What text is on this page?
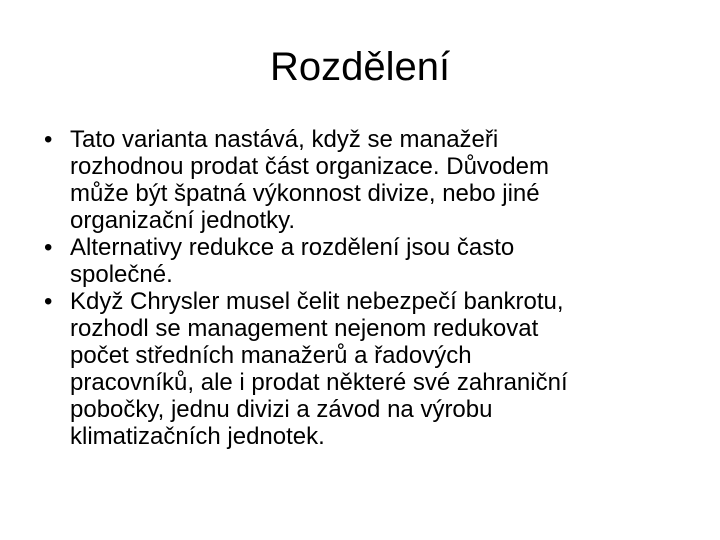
Rozdělení
• Tato varianta nastává, když se manažeři
rozhodnou prodat část organizace. Důvodem
může být špatná výkonnost divize, nebo jiné
organizační jednotky.
• Alternativy redukce a rozdělení jsou často
společné.
• Když Chrysler musel čelit nebezpečí bankrotu,
rozhodl se management nejenom redukovat
počet středních manažerů a řadových
pracovníků, ale i prodat některé své zahraniční
pobočky, jednu divizi a závod na výrobu
klimatizačních jednotek.
